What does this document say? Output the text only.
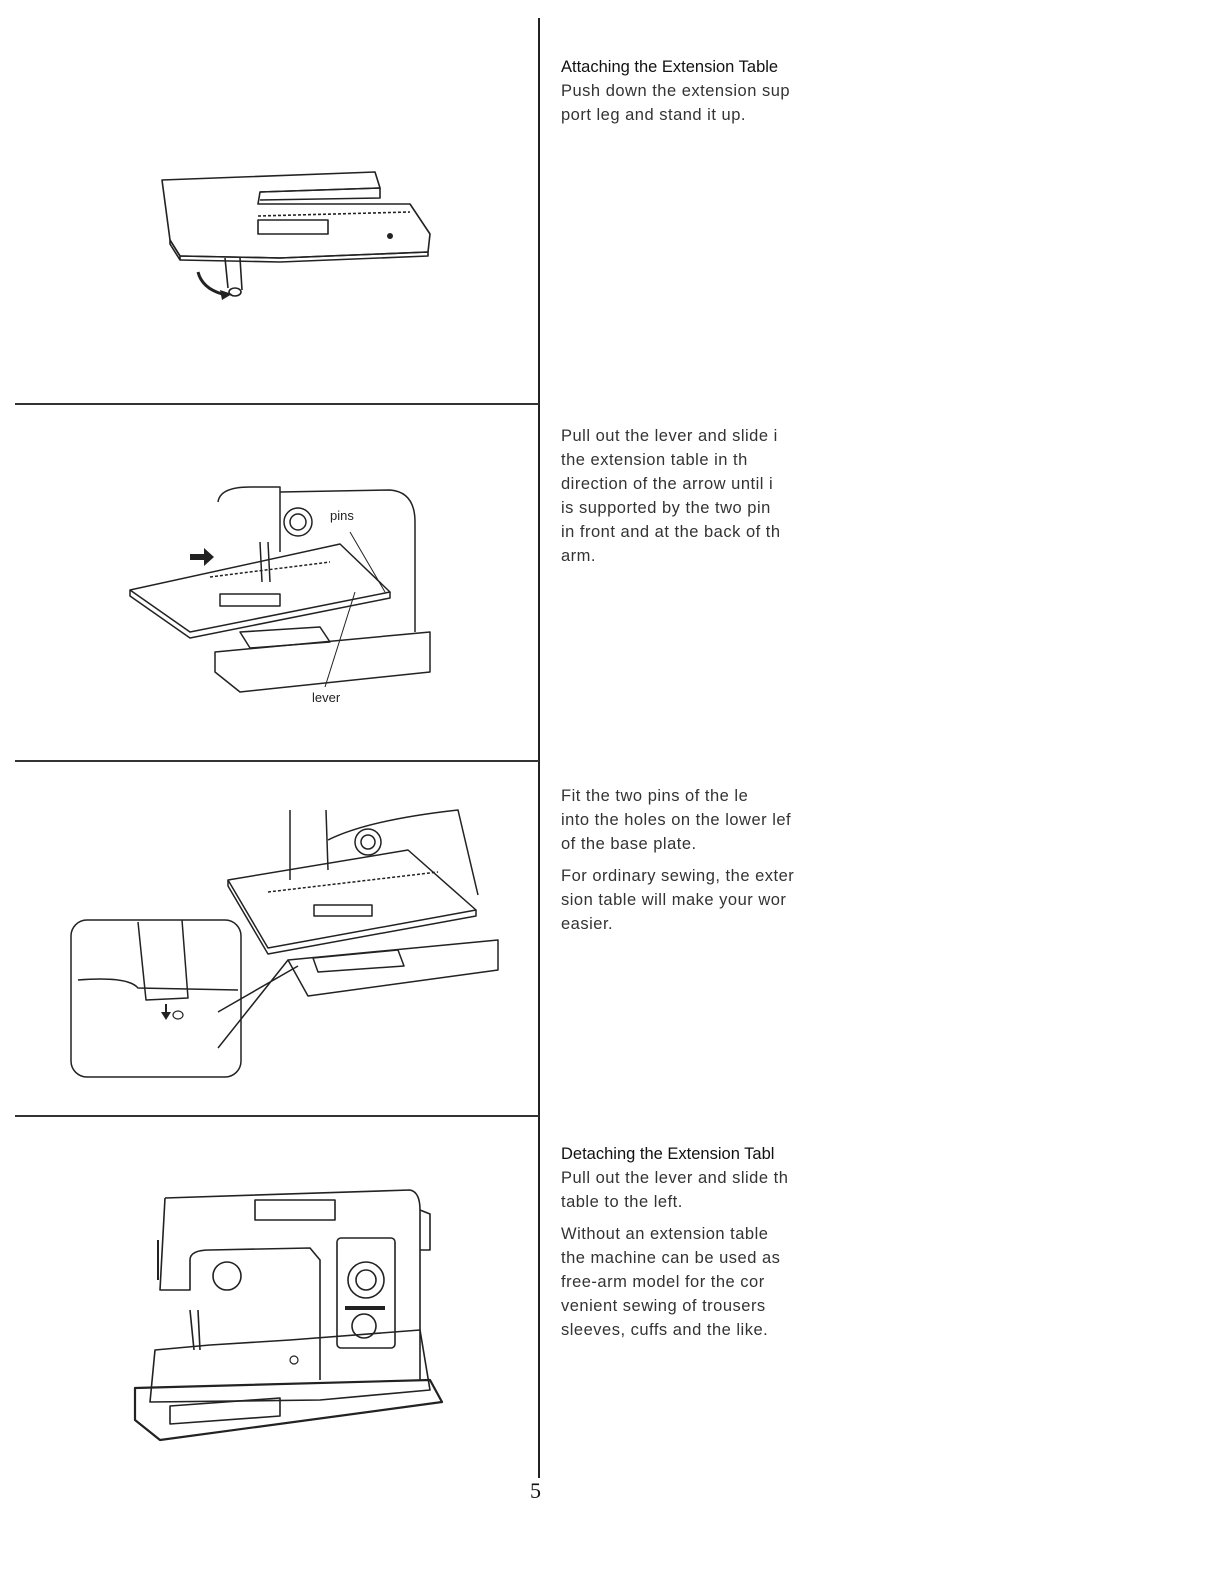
pins
lever
Attaching the Extension Table
Push down the extension sup
port leg and stand it up.
Pull out the lever and slide i
the extension table in th
direction of the arrow until i
is supported by the two pin
in front and at the back of th
arm.
Fit the two pins of the le
into the holes on the lower lef
of the base plate.
For ordinary sewing, the exter
sion table will make your wor
easier.
Detaching the Extension Tabl
Pull out the lever and slide th
table to the left.
Without an extension table
the machine can be used as
free-arm model for the cor
venient sewing of trousers
sleeves, cuffs and the like.
5
